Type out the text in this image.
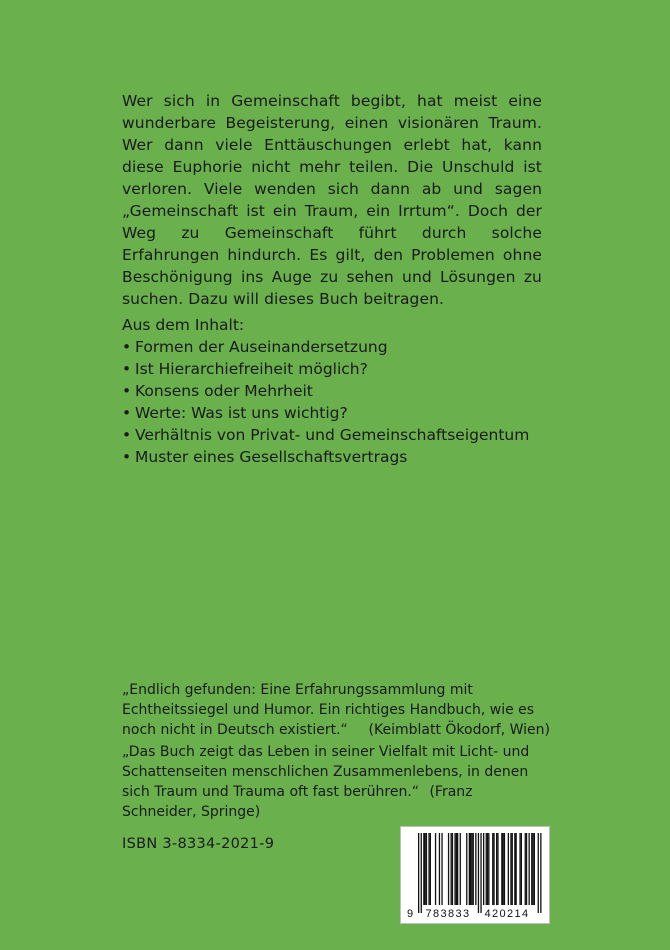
Wer sich in Gemeinschaft begibt, hat meist eine wunderbare Begeisterung, einen visionären Traum. Wer dann viele Enttäuschungen erlebt hat, kann diese Euphorie nicht mehr teilen. Die Unschuld ist verloren. Viele wenden sich dann ab und sagen „Gemeinschaft ist ein Traum, ein Irrtum“. Doch der Weg zu Gemeinschaft führt durch solche Erfahrungen hindurch. Es gilt, den Problemen ohne Beschönigung ins Auge zu sehen und Lösungen zu suchen. Dazu will dieses Buch beitragen.

Aus dem Inhalt:

• Formen der Auseinandersetzung
• Ist Hierarchiefreiheit möglich?
• Konsens oder Mehrheit
• Werte: Was ist uns wichtig?
• Verhältnis von Privat- und Gemeinschaftseigentum
• Muster eines Gesellschaftsvertrags
„Endlich gefunden: Eine Erfahrungssammlung mit Echtheitssiegel und Humor. Ein richtiges Handbuch, wie es noch nicht in Deutsch existiert.“ (Keimblatt Ökodorf, Wien)
„Das Buch zeigt das Leben in seiner Vielfalt mit Licht- und Schattenseiten menschlichen Zusammenlebens, in denen sich Traum und Trauma oft fast berühren.“ (Franz Schneider, Springe)
ISBN 3-8334-2021-9
9 783833 420214
